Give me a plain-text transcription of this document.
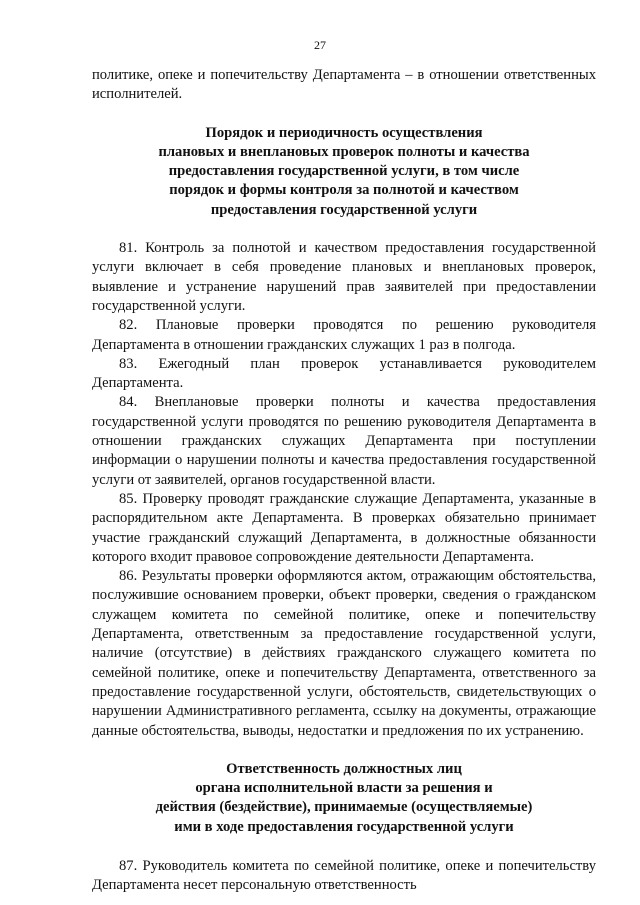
27

политике, опеке и попечительству Департамента – в отношении ответственных исполнителей.

Порядок и периодичность осуществления
плановых и внеплановых проверок полноты и качества
предоставления государственной услуги, в том числе
порядок и формы контроля за полнотой и качеством
предоставления государственной услуги

81. Контроль за полнотой и качеством предоставления государственной услуги включает в себя проведение плановых и внеплановых проверок, выявление и устранение нарушений прав заявителей при предоставлении государственной услуги.

82. Плановые проверки проводятся по решению руководителя Департамента в отношении гражданских служащих 1 раз в полгода.

83. Ежегодный план проверок устанавливается руководителем Департамента.

84. Внеплановые проверки полноты и качества предоставления государственной услуги проводятся по решению руководителя Департамента в отношении гражданских служащих Департамента при поступлении информации о нарушении полноты и качества предоставления государственной услуги от заявителей, органов государственной власти.

85. Проверку проводят гражданские служащие Департамента, указанные в распорядительном акте Департамента. В проверках обязательно принимает участие гражданский служащий Департамента, в должностные обязанности которого входит правовое сопровождение деятельности Департамента.

86. Результаты проверки оформляются актом, отражающим обстоятельства, послужившие основанием проверки, объект проверки, сведения о гражданском служащем комитета по семейной политике, опеке и попечительству Департамента, ответственным за предоставление государственной услуги, наличие (отсутствие) в действиях гражданского служащего комитета по семейной политике, опеке и попечительству Департамента, ответственного за предоставление государственной услуги, обстоятельств, свидетельствующих о нарушении Административного регламента, ссылку на документы, отражающие данные обстоятельства, выводы, недостатки и предложения по их устранению.

Ответственность должностных лиц
органа исполнительной власти за решения и
действия (бездействие), принимаемые (осуществляемые)
ими в ходе предоставления государственной услуги

87. Руководитель комитета по семейной политике, опеке и попечительству Департамента несет персональную ответственность
